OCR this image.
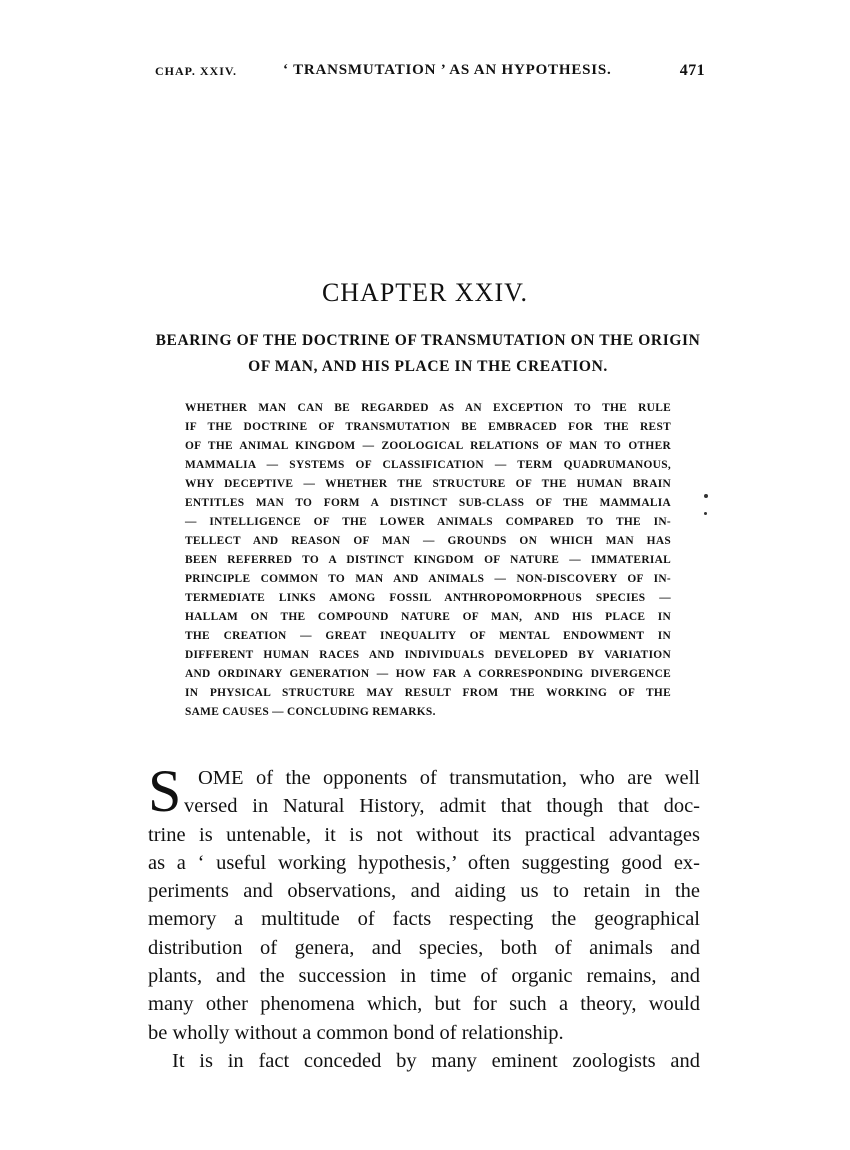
CHAP. XXIV.	‘ TRANSMUTATION ’ AS AN HYPOTHESIS.	471
CHAPTER XXIV.
BEARING OF THE DOCTRINE OF TRANSMUTATION ON THE ORIGIN
OF MAN, AND HIS PLACE IN THE CREATION.
WHETHER MAN CAN BE REGARDED AS AN EXCEPTION TO THE RULE
IF THE DOCTRINE OF TRANSMUTATION BE EMBRACED FOR THE REST
OF THE ANIMAL KINGDOM — ZOOLOGICAL RELATIONS OF MAN TO OTHER
MAMMALIA — SYSTEMS OF CLASSIFICATION — TERM QUADRUMANOUS,
WHY DECEPTIVE — WHETHER THE STRUCTURE OF THE HUMAN BRAIN
ENTITLES MAN TO FORM A DISTINCT SUB-CLASS OF THE MAMMALIA
— INTELLIGENCE OF THE LOWER ANIMALS COMPARED TO THE IN-
TELLECT AND REASON OF MAN — GROUNDS ON WHICH MAN HAS
BEEN REFERRED TO A DISTINCT KINGDOM OF NATURE — IMMATERIAL
PRINCIPLE COMMON TO MAN AND ANIMALS — NON-DISCOVERY OF IN-
TERMEDIATE LINKS AMONG FOSSIL ANTHROPOMORPHOUS SPECIES —
HALLAM ON THE COMPOUND NATURE OF MAN, AND HIS PLACE IN
THE CREATION — GREAT INEQUALITY OF MENTAL ENDOWMENT IN
DIFFERENT HUMAN RACES AND INDIVIDUALS DEVELOPED BY VARIATION
AND ORDINARY GENERATION — HOW FAR A CORRESPONDING DIVERGENCE
IN PHYSICAL STRUCTURE MAY RESULT FROM THE WORKING OF THE
SAME CAUSES — CONCLUDING REMARKS.
S OME of the opponents of transmutation, who are well
versed in Natural History, admit that though that doc-
trine is untenable, it is not without its practical advantages
as a ‘ useful working hypothesis,’ often suggesting good ex-
periments and observations, and aiding us to retain in the
memory a multitude of facts respecting the geographical
distribution of genera, and species, both of animals and
plants, and the succession in time of organic remains, and
many other phenomena which, but for such a theory, would
be wholly without a common bond of relationship.
It is in fact conceded by many eminent zoologists and
